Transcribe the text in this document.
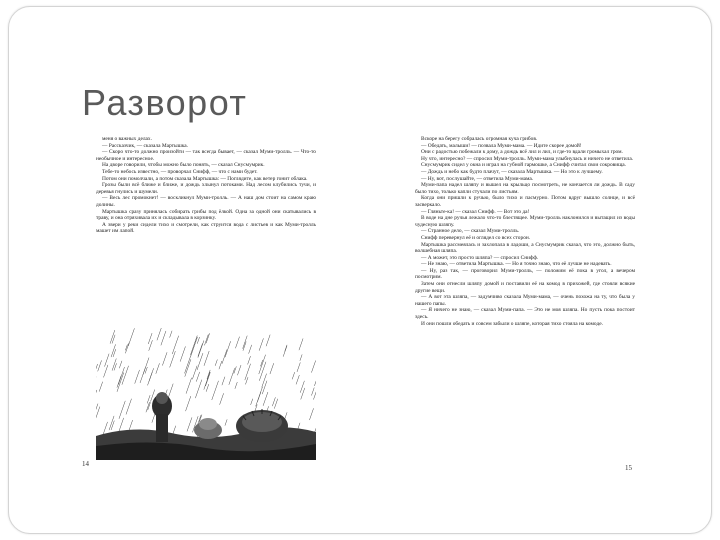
Разворот

меня о важных делах.

— Рассказчик, — сказала Мартышка.

— Скоро что-то должно произойти — так всегда бывает, — сказал Муми-тролль. — Что-то необычное и интересное.

На дворе говорили, чтобы можно было понять, — сказал Снусмумрик.

Тебе-то небось известно, — проворчал Снифф, — что с нами будет.

Потом они помолчали, а потом сказала Мартышка: — Поглядите, как ветер гонит облака.

Грозы были всё ближе и ближе, и дождь хлынул потоками. Над лесом клубились тучи, и деревья гнулись и шумели.

— Весь лес промокнет! — воскликнул Муми-тролль. — А наш дом стоит на самом краю долины.

Мартышка сразу принялась собирать грибы под ёлкой. Одна за одной они скатывались в траву, и она отряхивала их и складывала в корзинку.

А звери у реки сидели тихо и смотрели, как струится вода с листьев и как Муми-тролль машет им лапой.

14

Вскоре на берегу собралась огромная куча грибов.

— Обедать, малыши! — позвала Муми-мама. — Идите скорее домой!

Они с радостью побежали к дому, а дождь всё лил и лил, и где-то вдали громыхал гром.

Ну что, интересно? — спросил Муми-тролль. Муми-мама улыбнулась и ничего не ответила.

Снусмумрик сидел у окна и играл на губной гармошке, а Снифф считал свои сокровища.

— Дождь и небо как будто плачут, — сказала Мартышка. — Но это к лучшему.

— Ну, вот, послушайте, — ответила Муми-мама.

Муми-папа надел шляпу и вышел на крыльцо посмотреть, не кончается ли дождь. В саду было тихо, только капли стучали по листьям.

Когда они пришли к ручью, было тихо и пасмурно. Потом вдруг вышло солнце, и всё засверкало.

— Гляньте-ка! — сказал Снифф. — Вот это да!

В воде на дне ручья лежало что-то блестящее. Муми-тролль наклонился и вытащил из воды чудесную шляпу.

— Странное дело, — сказал Муми-тролль.

Снифф перевернул её и оглядел со всех сторон.

Мартышка рассмеялась и захлопала в ладоши, а Снусмумрик сказал, что это, должно быть, волшебная шляпа.

— А может, это просто шляпа? — спросил Снифф.

— Не знаю, — ответила Мартышка. — Но я точно знаю, что её лучше не надевать.

— Ну, раз так, — проговорил Муми-тролль, — положим её пока в угол, а вечером посмотрим.

Затем они отнесли шляпу домой и поставили её на комод в прихожей, где стояли всякие другие вещи.

— А вот эта шляпа, — задумчиво сказала Муми-мама, — очень похожа на ту, что была у нашего папы.

— Я ничего не знаю, — сказал Муми-папа. — Это не моя шляпа. Но пусть пока постоит здесь.

И они пошли обедать и совсем забыли о шляпе, которая тихо стояла на комоде.

15
